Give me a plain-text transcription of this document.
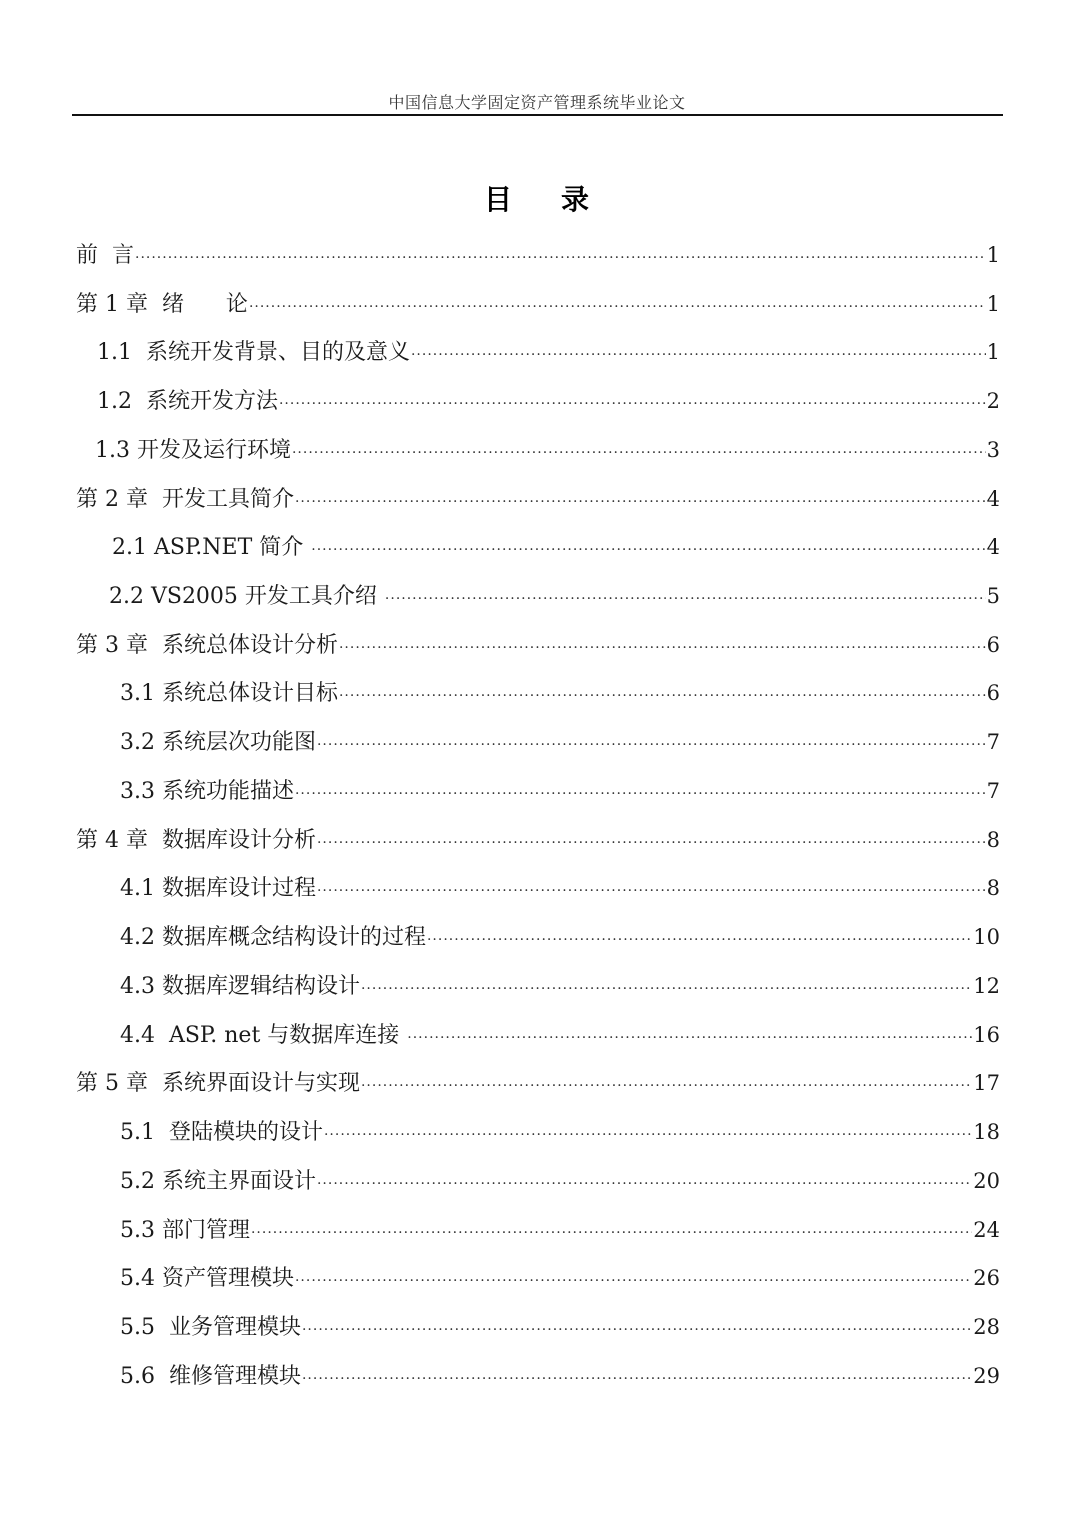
中国信息大学固定资产管理系统毕业论文
目    录
前  言 ·····	1
第 1 章  绪      论 ·····	1
1.1  系统开发背景、目的及意义 ·····	1
1.2  系统开发方法 ·····	2
1.3 开发及运行环境 ·····	3
第 2 章  开发工具简介 ·····	4
2.1 ASP.NET 简介 ·····	4
2.2 VS2005 开发工具介绍 ·····	5
第 3 章  系统总体设计分析 ·····	6
3.1 系统总体设计目标 ·····	6
3.2 系统层次功能图 ·····	7
3.3 系统功能描述 ·····	7
第 4 章  数据库设计分析 ·····	8
4.1 数据库设计过程 ·····	8
4.2 数据库概念结构设计的过程 ·····	10
4.3 数据库逻辑结构设计 ·····	12
4.4  ASP. net 与数据库连接 ·····	16
第 5 章  系统界面设计与实现 ·····	17
5.1  登陆模块的设计 ·····	18
5.2 系统主界面设计 ·····	20
5.3 部门管理 ·····	24
5.4 资产管理模块 ·····	26
5.5  业务管理模块 ·····	28
5.6  维修管理模块 ·····	29
